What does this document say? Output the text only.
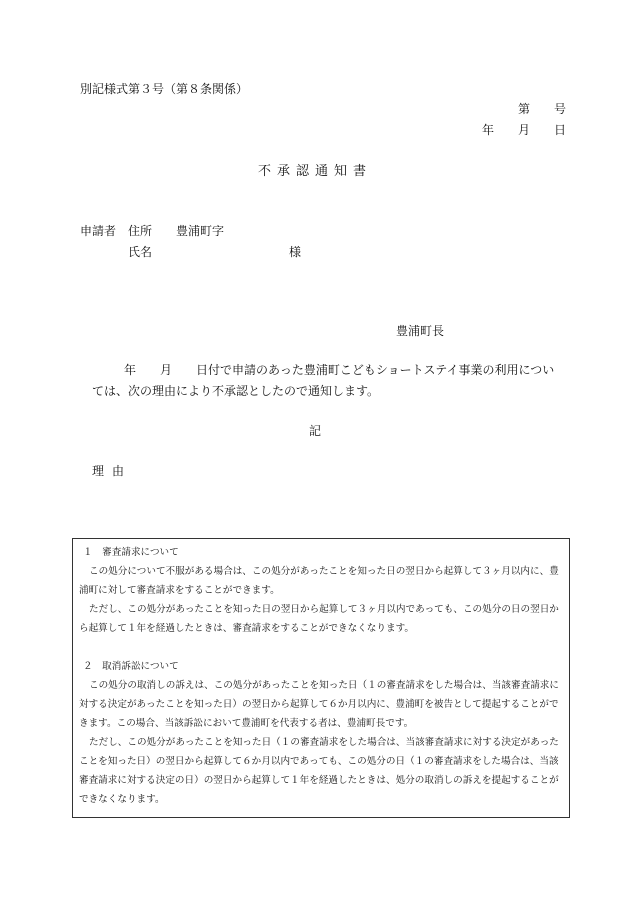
別記様式第３号（第８条関係）
第　　号
年　　月　　日
不承認通知書
申請者 住所 豊浦町字
氏名	様
豊浦町長
年　　月　　日付で申請のあった豊浦町こどもショートステイ事業の利用につい
ては、次の理由により不承認としたので通知します。
記
理由

１　審査請求について

この処分について不服がある場合は、この処分があったことを知った日の翌日から起算して３ヶ月以内に、豊浦町に対して審査請求をすることができます。

ただし、この処分があったことを知った日の翌日から起算して３ヶ月以内であっても、この処分の日の翌日から起算して１年を経過したときは、審査請求をすることができなくなります。

２　取消訴訟について

この処分の取消しの訴えは、この処分があったことを知った日（１の審査請求をした場合は、当該審査請求に対する決定があったことを知った日）の翌日から起算して６か月以内に、豊浦町を被告として提起することができます。この場合、当該訴訟において豊浦町を代表する者は、豊浦町長です。

ただし、この処分があったことを知った日（１の審査請求をした場合は、当該審査請求に対する決定があったことを知った日）の翌日から起算して６か月以内であっても、この処分の日（１の審査請求をした場合は、当該審査請求に対する決定の日）の翌日から起算して１年を経過したときは、処分の取消しの訴えを提起することができなくなります。
